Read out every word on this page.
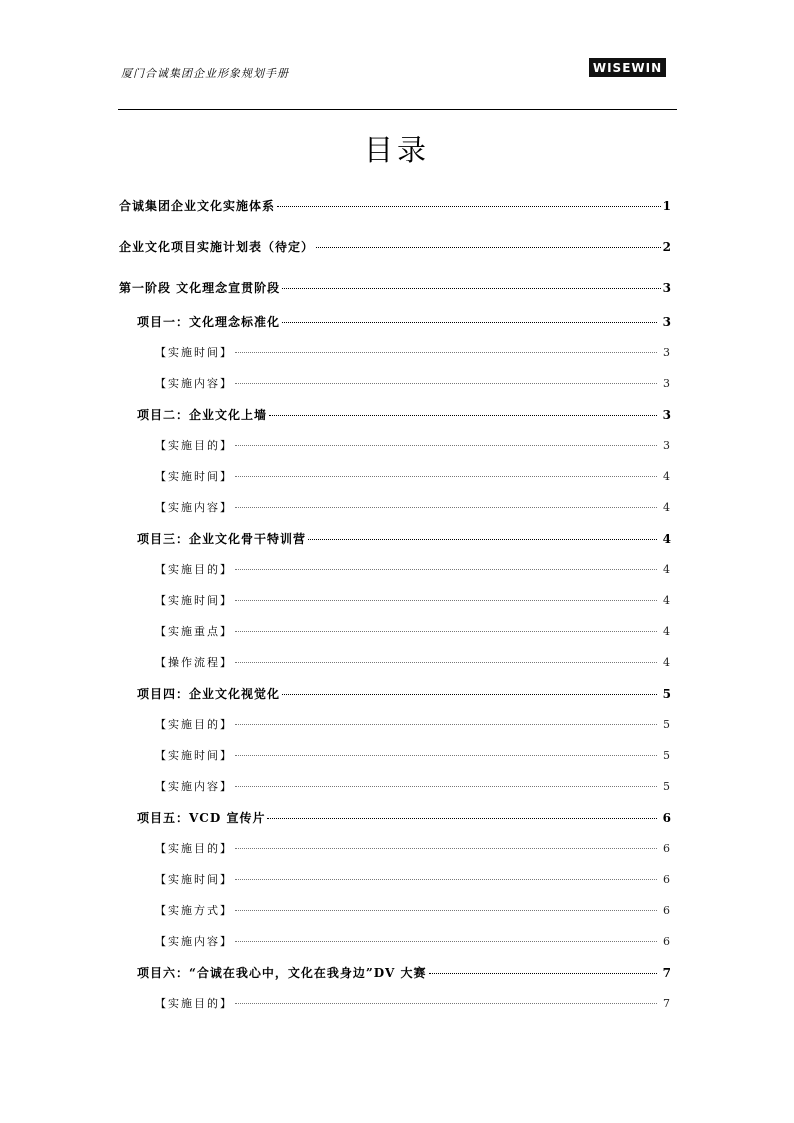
厦门合诚集团企业形象规划手册	WISEWIN
目录
合诚集团企业文化实施体系	1
企业文化项目实施计划表（待定）	2
第一阶段 文化理念宣贯阶段	3
项目一：文化理念标准化	3
【实施时间】	3
【实施内容】	3
项目二：企业文化上墙	3
【实施目的】	3
【实施时间】	4
【实施内容】	4
项目三：企业文化骨干特训营	4
【实施目的】	4
【实施时间】	4
【实施重点】	4
【操作流程】	4
项目四：企业文化视觉化	5
【实施目的】	5
【实施时间】	5
【实施内容】	5
项目五：VCD 宣传片	6
【实施目的】	6
【实施时间】	6
【实施方式】	6
【实施内容】	6
项目六：“合诚在我心中，文化在我身边”DV 大赛	7
【实施目的】	7
